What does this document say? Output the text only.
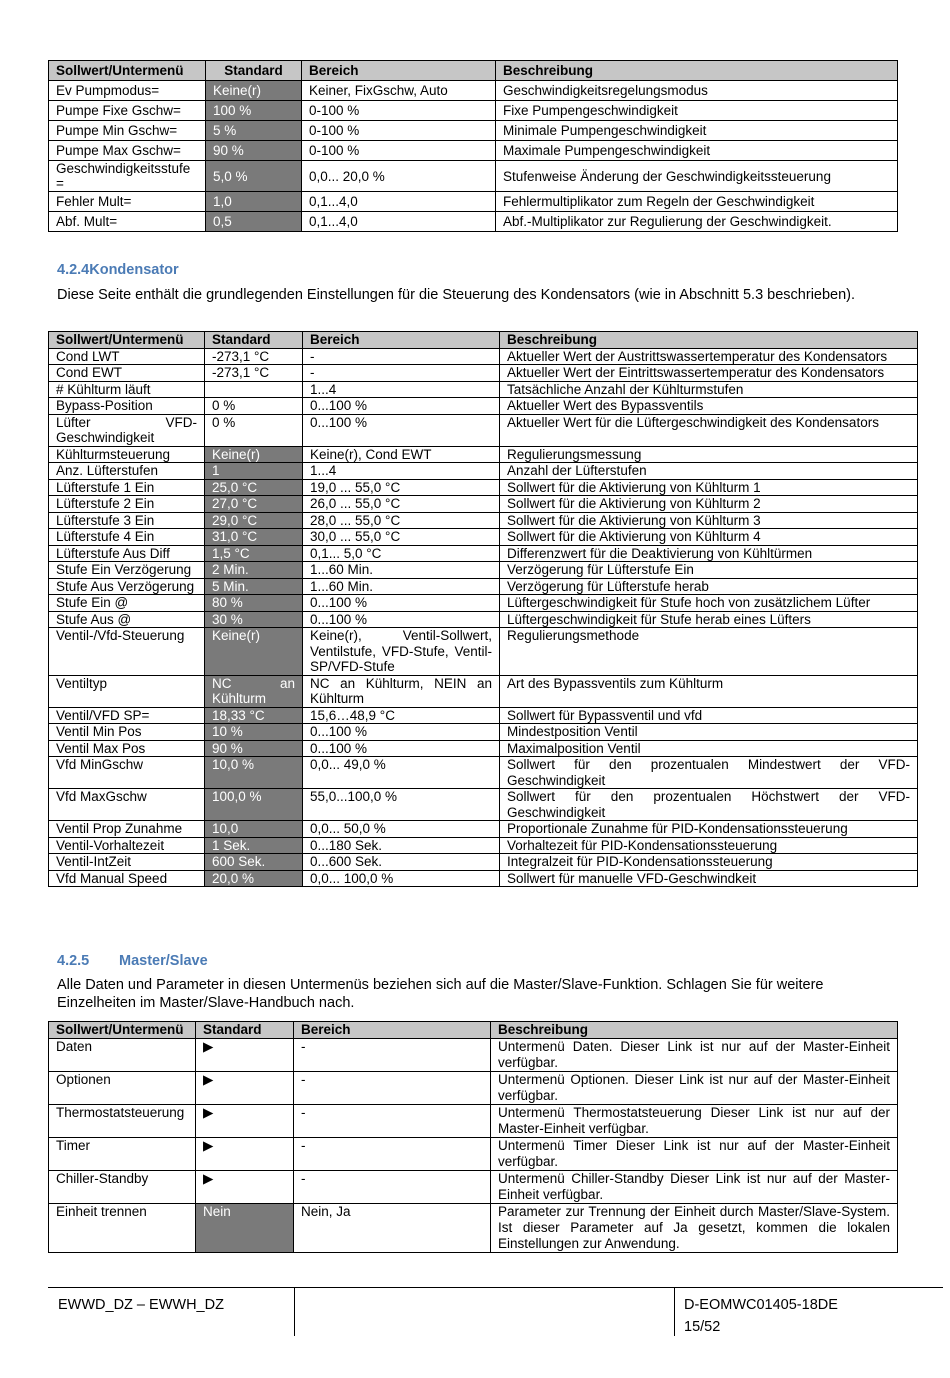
Sollwert/Untermenü	Standard	Bereich	Beschreibung
Ev Pumpmodus=	Keine(r)	Keiner, FixGschw, Auto	Geschwindigkeitsregelungsmodus
Pumpe Fixe Gschw=	100 %	0-100 %	Fixe Pumpengeschwindigkeit
Pumpe Min Gschw=	5 %	0-100 %	Minimale Pumpengeschwindigkeit
Pumpe Max Gschw=	90 %	0-100 %	Maximale Pumpengeschwindigkeit
Geschwindigkeitsstufe =	5,0 %	0,0... 20,0 %	Stufenweise Änderung der Geschwindigkeitssteuerung
Fehler Mult=	1,0	0,1...4,0	Fehlermultiplikator zum Regeln der Geschwindigkeit
Abf. Mult=	0,5	0,1...4,0	Abf.-Multiplikator zur Regulierung der Geschwindigkeit.
4.2.4Kondensator
Diese Seite enthält die grundlegenden Einstellungen für die Steuerung des Kondensators (wie in Abschnitt 5.3 beschrieben).
Sollwert/Untermenü	Standard	Bereich	Beschreibung
Cond LWT	-273,1 °C	-	Aktueller Wert der Austrittswassertemperatur des Kondensators
Cond EWT	-273,1 °C	-	Aktueller Wert der Eintrittswassertemperatur des Kondensators
# Kühlturm läuft		1...4	Tatsächliche Anzahl der Kühlturmstufen
Bypass-Position	0 %	0...100 %	Aktueller Wert des Bypassventils
Lüfter VFD-Geschwindigkeit	0 %	0...100 %	Aktueller Wert für die Lüftergeschwindigkeit des Kondensators
Kühlturmsteuerung	Keine(r)	Keine(r), Cond EWT	Regulierungsmessung
Anz. Lüfterstufen	1	1...4	Anzahl der Lüfterstufen
Lüfterstufe 1 Ein	25,0 °C	19,0 ... 55,0 °C	Sollwert für die Aktivierung von Kühlturm 1
Lüfterstufe 2 Ein	27,0 °C	26,0 ... 55,0 °C	Sollwert für die Aktivierung von Kühlturm 2
Lüfterstufe 3 Ein	29,0 °C	28,0 ... 55,0 °C	Sollwert für die Aktivierung von Kühlturm 3
Lüfterstufe 4 Ein	31,0 °C	30,0 ... 55,0 °C	Sollwert für die Aktivierung von Kühlturm 4
Lüfterstufe Aus Diff	1,5 °C	0,1... 5,0 °C	Differenzwert für die Deaktivierung von Kühltürmen
Stufe Ein Verzögerung	2 Min.	1...60 Min.	Verzögerung für Lüfterstufe Ein
Stufe Aus Verzögerung	5 Min.	1...60 Min.	Verzögerung für Lüfterstufe herab
Stufe Ein @	80 %	0...100 %	Lüftergeschwindigkeit für Stufe hoch von zusätzlichem Lüfter
Stufe Aus @	30 %	0...100 %	Lüftergeschwindigkeit für Stufe herab eines Lüfters
Ventil-/Vfd-Steuerung	Keine(r)	Keine(r), Ventil-Sollwert, Ventilstufe, VFD-Stufe, Ventil-SP/VFD-Stufe	Regulierungsmethode
Ventiltyp	NC an Kühlturm	NC an Kühlturm, NEIN an Kühlturm	Art des Bypassventils zum Kühlturm
Ventil/VFD SP=	18,33 °C	15,6…48,9 °C	Sollwert für Bypassventil und vfd
Ventil Min Pos	10 %	0...100 %	Mindestposition Ventil
Ventil Max Pos	90 %	0...100 %	Maximalposition Ventil
Vfd MinGschw	10,0 %	0,0... 49,0 %	Sollwert für den prozentualen Mindestwert der VFD-Geschwindigkeit
Vfd MaxGschw	100,0 %	55,0...100,0 %	Sollwert für den prozentualen Höchstwert der VFD-Geschwindigkeit
Ventil Prop Zunahme	10,0	0,0... 50,0 %	Proportionale Zunahme für PID-Kondensationssteuerung
Ventil-Vorhaltezeit	1 Sek.	0...180 Sek.	Vorhaltezeit für PID-Kondensationssteuerung
Ventil-IntZeit	600 Sek.	0...600 Sek.	Integralzeit für PID-Kondensationssteuerung
Vfd Manual Speed	20,0 %	0,0... 100,0 %	Sollwert für manuelle VFD-Geschwindkeit
4.2.5 Master/Slave
Alle Daten und Parameter in diesen Untermenüs beziehen sich auf die Master/Slave-Funktion. Schlagen Sie für weitere Einzelheiten im Master/Slave-Handbuch nach.
Sollwert/Untermenü	Standard	Bereich	Beschreibung
Daten	▶	-	Untermenü Daten. Dieser Link ist nur auf der Master-Einheit verfügbar.
Optionen	▶	-	Untermenü Optionen. Dieser Link ist nur auf der Master-Einheit verfügbar.
Thermostatsteuerung	▶	-	Untermenü Thermostatsteuerung Dieser Link ist nur auf der Master-Einheit verfügbar.
Timer	▶	-	Untermenü Timer Dieser Link ist nur auf der Master-Einheit verfügbar.
Chiller-Standby	▶	-	Untermenü Chiller-Standby Dieser Link ist nur auf der Master-Einheit verfügbar.
Einheit trennen	Nein	Nein, Ja	Parameter zur Trennung der Einheit durch Master/Slave-System. Ist dieser Parameter auf Ja gesetzt, kommen die lokalen Einstellungen zur Anwendung.
EWWD_DZ – EWWH_DZ	D-EOMWC01405-18DE
15/52
